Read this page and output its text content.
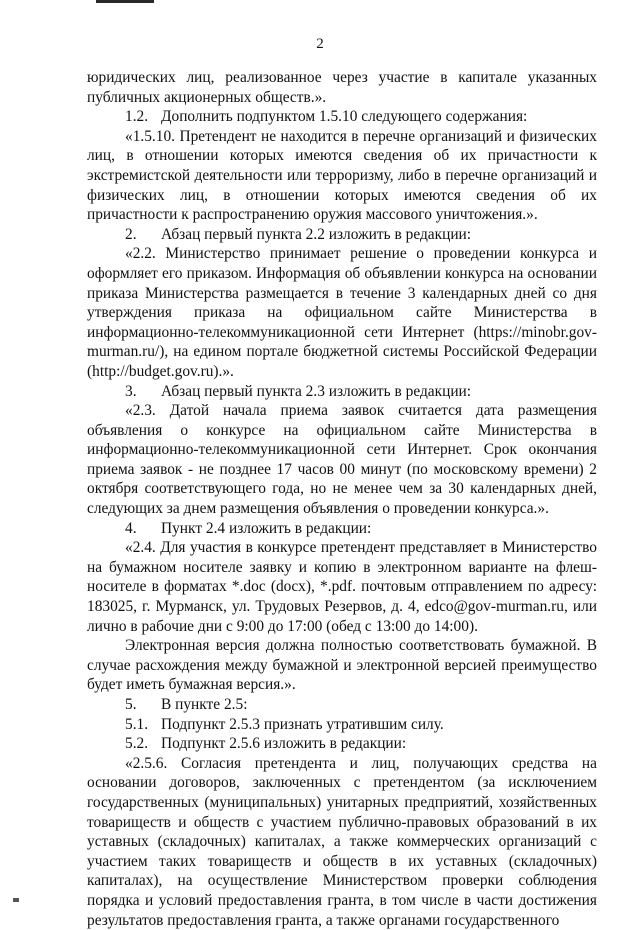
2

юридических лиц, реализованное через участие в капитале указанных публичных акционерных обществ.».

1.2. Дополнить подпунктом 1.5.10 следующего содержания:

«1.5.10. Претендент не находится в перечне организаций и физических лиц, в отношении которых имеются сведения об их причастности к экстремистской деятельности или терроризму, либо в перечне организаций и физических лиц, в отношении которых имеются сведения об их причастности к распространению оружия массового уничтожения.».

2. Абзац первый пункта 2.2 изложить в редакции:

«2.2. Министерство принимает решение о проведении конкурса и оформляет его приказом. Информация об объявлении конкурса на основании приказа Министерства размещается в течение 3 календарных дней со дня утверждения приказа на официальном сайте Министерства в информационно-телекоммуникационной сети Интернет (https://minobr.gov-murman.ru/), на едином портале бюджетной системы Российской Федерации (http://budget.gov.ru).».

3. Абзац первый пункта 2.3 изложить в редакции:

«2.3. Датой начала приема заявок считается дата размещения объявления о конкурсе на официальном сайте Министерства в информационно-телекоммуникационной сети Интернет. Срок окончания приема заявок - не позднее 17 часов 00 минут (по московскому времени) 2 октября соответствующего года, но не менее чем за 30 календарных дней, следующих за днем размещения объявления о проведении конкурса.».

4. Пункт 2.4 изложить в редакции:

«2.4. Для участия в конкурсе претендент представляет в Министерство на бумажном носителе заявку и копию в электронном варианте на флеш-носителе в форматах *.doc (docx), *.pdf. почтовым отправлением по адресу: 183025, г. Мурманск, ул. Трудовых Резервов, д. 4, edco@gov-murman.ru, или лично в рабочие дни с 9:00 до 17:00 (обед с 13:00 до 14:00).

Электронная версия должна полностью соответствовать бумажной. В случае расхождения между бумажной и электронной версией преимущество будет иметь бумажная версия.».

5. В пункте 2.5:

5.1. Подпункт 2.5.3 признать утратившим силу.

5.2. Подпункт 2.5.6 изложить в редакции:

«2.5.6. Согласия претендента и лиц, получающих средства на основании договоров, заключенных с претендентом (за исключением государственных (муниципальных) унитарных предприятий, хозяйственных товариществ и обществ с участием публично-правовых образований в их уставных (складочных) капиталах, а также коммерческих организаций с участием таких товариществ и обществ в их уставных (складочных) капиталах), на осуществление Министерством проверки соблюдения порядка и условий предоставления гранта, в том числе в части достижения результатов предоставления гранта, а также органами государственного
